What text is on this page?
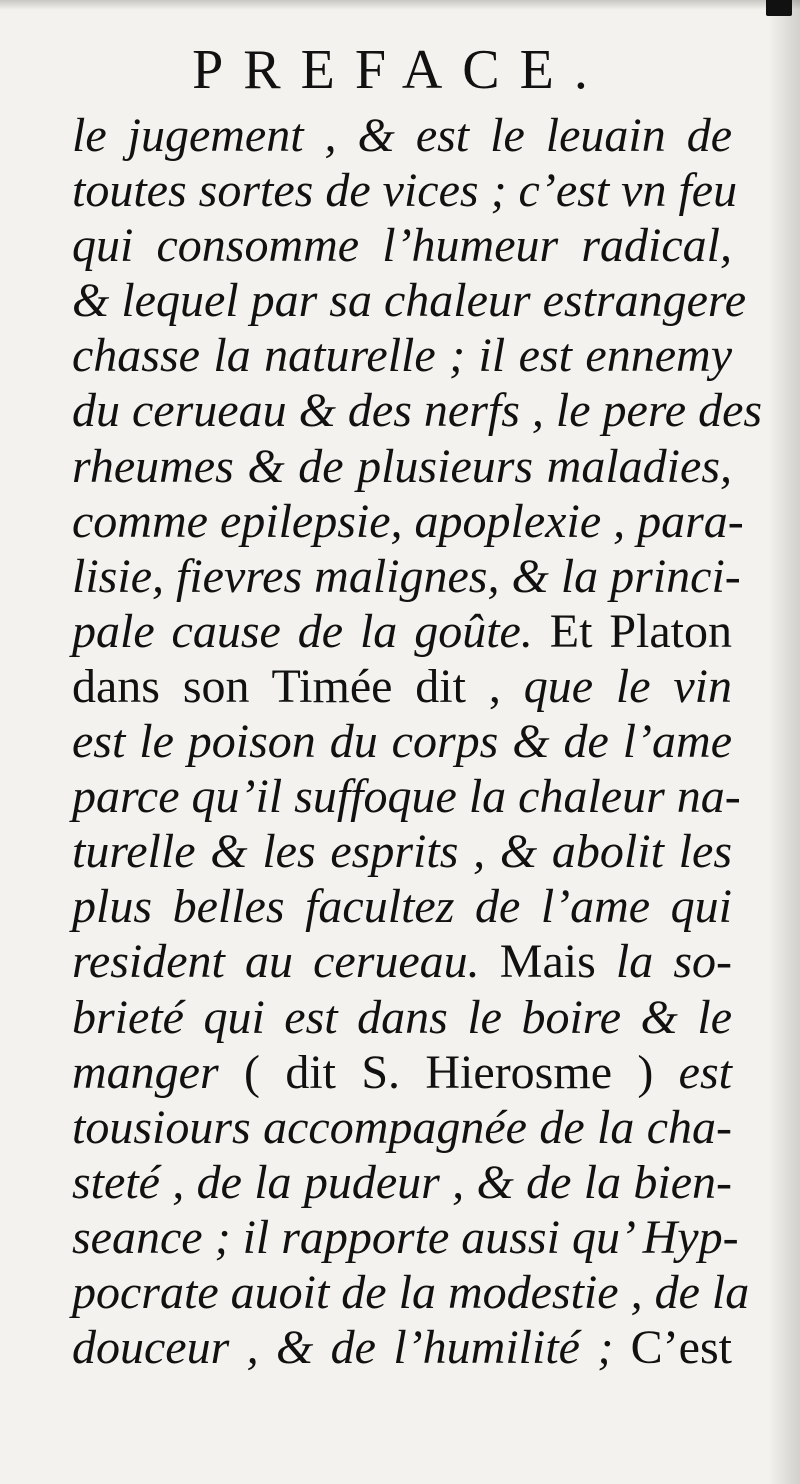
PREFACE.
le jugement , & est le leuain de
toutes sortes de vices ; c’est vn feu
qui consomme l’humeur radical,
& lequel par sa chaleur estrangere
chasse la naturelle ; il est ennemy
du cerueau & des nerfs , le pere des
rheumes & de plusieurs maladies,
comme epilepsie, apoplexie , para-
lisie, fievres malignes, & la princi-
pale cause de la goûte. Et Platon
dans son Timée dit , que le vin
est le poison du corps & de l’ame
parce qu’il suffoque la chaleur na-
turelle & les esprits , & abolit les
plus belles facultez de l’ame qui
resident au cerueau. Mais la so-
brieté qui est dans le boire & le
manger ( dit S. Hierosme ) est
tousiours accompagnée de la cha-
steté , de la pudeur , & de la bien-
seance ; il rapporte aussi qu’ Hyp-
pocrate auoit de la modestie , de la
douceur , & de l’humilité ; C’est
